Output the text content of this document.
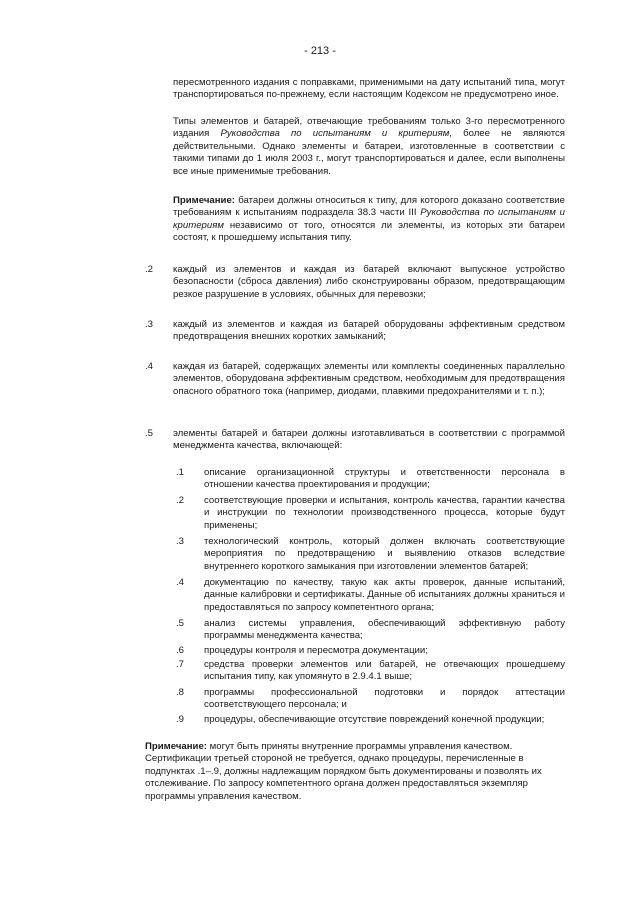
- 213 -
пересмотренного издания с поправками, применимыми на дату испытаний типа, могут транспортироваться по-прежнему, если настоящим Кодексом не предусмотрено иное.
Типы элементов и батарей, отвечающие требованиям только 3-го пересмотренного издания Руководства по испытаниям и критериям, более не являются действительными. Однако элементы и батареи, изготовленные в соответствии с такими типами до 1 июля 2003 г., могут транспортироваться и далее, если выполнены все иные применимые требования.
Примечание: батареи должны относиться к типу, для которого доказано соответствие требованиям к испытаниям подраздела 38.3 части III Руководства по испытаниям и критериям независимо от того, относятся ли элементы, из которых эти батареи состоят, к прошедшему испытания типу.
.2 каждый из элементов и каждая из батарей включают выпускное устройство безопасности (сброса давления) либо сконструированы образом, предотвращающим резкое разрушение в условиях, обычных для перевозки;
.3 каждый из элементов и каждая из батарей оборудованы эффективным средством предотвращения внешних коротких замыканий;
.4 каждая из батарей, содержащих элементы или комплекты соединенных параллельно элементов, оборудована эффективным средством, необходимым для предотвращения опасного обратного тока (например, диодами, плавкими предохранителями и т. п.);
.5 элементы батарей и батареи должны изготавливаться в соответствии с программой менеджмента качества, включающей:
.1 описание организационной структуры и ответственности персонала в отношении качества проектирования и продукции;
.2 соответствующие проверки и испытания, контроль качества, гарантии качества и инструкции по технологии производственного процесса, которые будут применены;
.3 технологический контроль, который должен включать соответствующие мероприятия по предотвращению и выявлению отказов вследствие внутреннего короткого замыкания при изготовлении элементов батарей;
.4 документацию по качеству, такую как акты проверок, данные испытаний, данные калибровки и сертификаты. Данные об испытаниях должны храниться и предоставляться по запросу компетентного органа;
.5 анализ системы управления, обеспечивающий эффективную работу программы менеджмента качества;
.6 процедуры контроля и пересмотра документации;
.7 средства проверки элементов или батарей, не отвечающих прошедшему испытания типу, как упомянуто в 2.9.4.1 выше;
.8 программы профессиональной подготовки и порядок аттестации соответствующего персонала; и
.9 процедуры, обеспечивающие отсутствие повреждений конечной продукции;
Примечание: могут быть приняты внутренние программы управления качеством. Сертификации третьей стороной не требуется, однако процедуры, перечисленные в подпунктах .1–.9, должны надлежащим порядком быть документированы и позволять их отслеживание. По запросу компетентного органа должен предоставляться экземпляр программы управления качеством.
